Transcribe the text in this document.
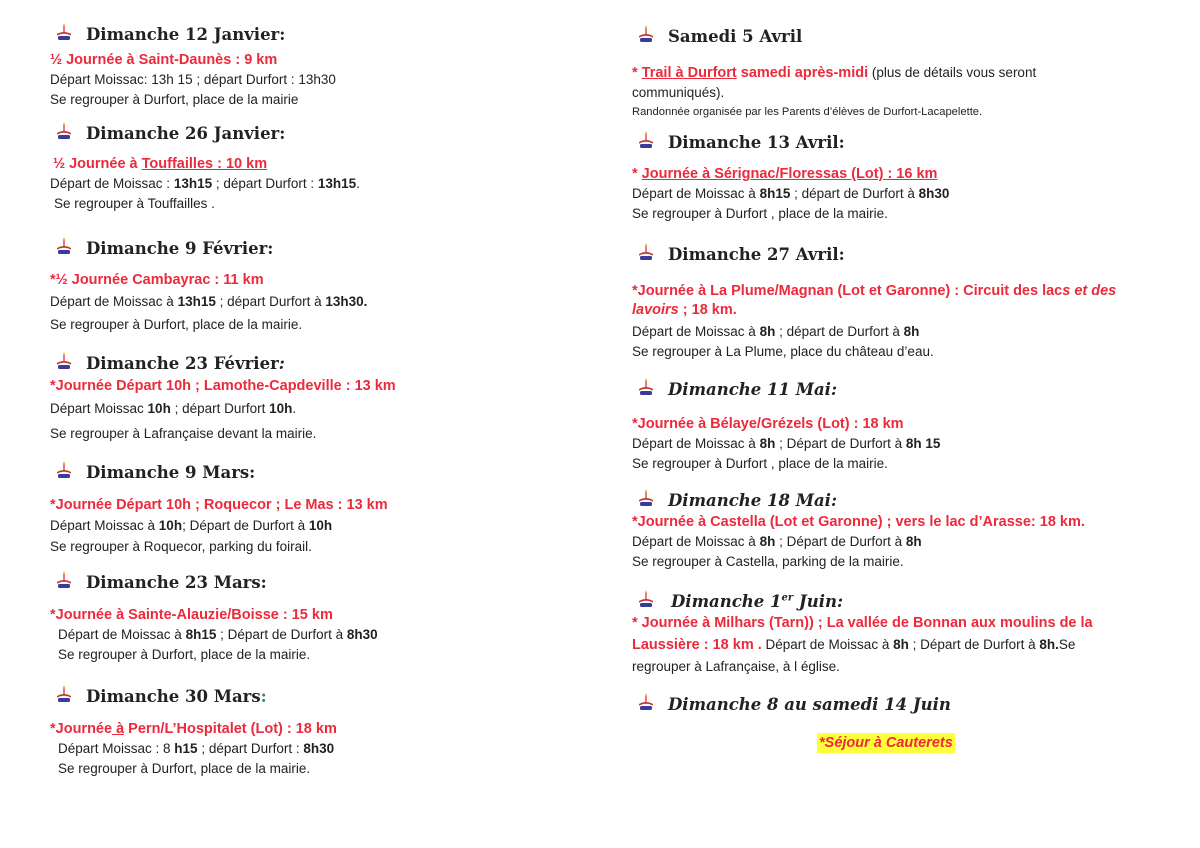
Dimanche 12 Janvier :
½ Journée à Saint-Daunès : 9 km
Départ Moissac: 13h 15 ; départ Durfort : 13h30
Se regrouper à Durfort, place de la mairie
Dimanche 26 Janvier :
½ Journée à Touffailles : 10 km
Départ de Moissac : 13h15 ; départ Durfort : 13h15.
Se regrouper à Touffailles .
Dimanche 9 Février :
*½ Journée Cambayrac : 11 km
Départ de Moissac à 13h15 ; départ Durfort à 13h30.
Se regrouper à Durfort, place de la mairie.
Dimanche 23 Février :
*Journée Départ 10h ; Lamothe-Capdeville : 13 km
Départ Moissac 10h ; départ Durfort 10h.
Se regrouper à Lafrançaise devant la mairie.
Dimanche 9 Mars :
*Journée Départ 10h ; Roquecor ; Le Mas : 13 km
Départ Moissac à 10h; Départ de Durfort à 10h
Se regrouper à Roquecor, parking du foirail.
Dimanche 23 Mars :
*Journée à Sainte-Alauzie/Boisse : 15 km
Départ de Moissac à 8h15 ; Départ de Durfort à 8h30
Se regrouper à Durfort, place de la mairie.
Dimanche 30 Mars :
*Journée à Pern/L’Hospitalet (Lot) : 18 km
Départ Moissac : 8 h15 ; départ Durfort : 8h30
Se regrouper à Durfort, place de la mairie.
Samedi 5 Avril
* Trail à Durfort samedi après-midi (plus de détails vous seront
communiqués).
Randonnée organisée par les Parents d’élèves de Durfort-Lacapelette.
Dimanche 13 Avril :
* Journée à Sérignac/Floressas (Lot) : 16 km
Départ de Moissac à 8h15 ; départ de Durfort à 8h30
Se regrouper à Durfort , place de la mairie.
Dimanche 27 Avril :
*Journée à La Plume/Magnan (Lot et Garonne) : Circuit des lacs et des
lavoirs ; 18 km.
Départ de Moissac à 8h ; départ de Durfort à 8h
Se regrouper à La Plume, place du château d’eau.
Dimanche 11 Mai :
*Journée à Bélaye/Grézels (Lot) : 18 km
Départ de Moissac à 8h ; Départ de Durfort à 8h 15
Se regrouper à Durfort , place de la mairie.
Dimanche 18 Mai :
*Journée à Castella (Lot et Garonne) ; vers le lac d’Arasse: 18 km.
Départ de Moissac à 8h ; Départ de Durfort à 8h
Se regrouper à Castella, parking de la mairie.
Dimanche 1er Juin :
* Journée à Milhars (Tarn)) ; La vallée de Bonnan aux moulins de la
Laussière : 18 km . Départ de Moissac à 8h ; Départ de Durfort à 8h.Se
regrouper à Lafrançaise, à l église.
Dimanche 8 au samedi 14 Juin
*Séjour à Cauterets
